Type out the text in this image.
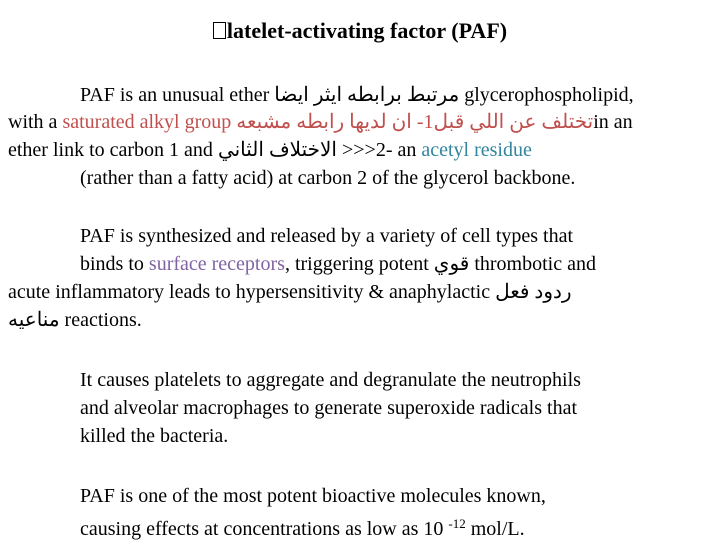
latelet-activating factor (PAF)
PAF is an unusual ether مرتبط برابطه ايثر ايضا glycerophospholipid,
with a saturated alkyl group تختلف عن اللي قبل1- ان لديها رابطه مشبعهin an
ether link to carbon 1 and الاختلاف الثاني >>>2- an acetyl residue
(rather than a fatty acid) at carbon 2 of the glycerol backbone.
PAF is synthesized and released by a variety of cell types that
binds to surface receptors, triggering potent قوي thrombotic and
acute inflammatory leads to hypersensitivity & anaphylactic ردود فعل
مناعيه reactions.
It causes platelets to aggregate and degranulate the neutrophils
and alveolar macrophages to generate superoxide radicals that
killed the bacteria.
PAF is one of the most potent bioactive molecules known,
causing effects at concentrations as low as 10 $^{-12}$ mol/L.
